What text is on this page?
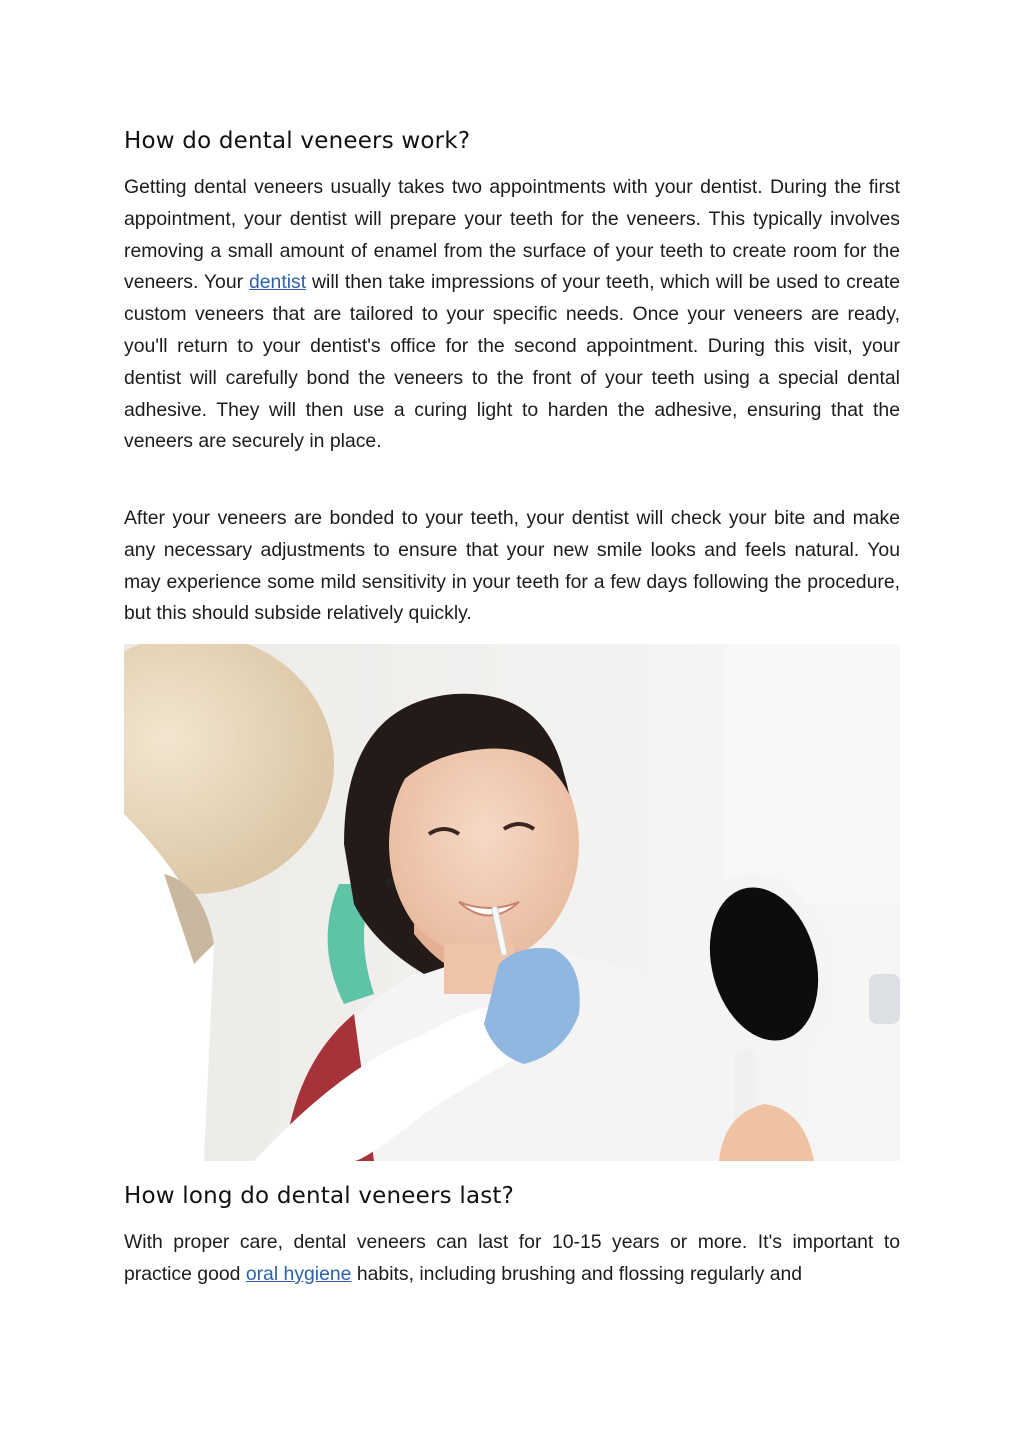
How do dental veneers work?

Getting dental veneers usually takes two appointments with your dentist. During the first appointment, your dentist will prepare your teeth for the veneers. This typically involves removing a small amount of enamel from the surface of your teeth to create room for the veneers. Your dentist will then take impressions of your teeth, which will be used to create custom veneers that are tailored to your specific needs. Once your veneers are ready, you'll return to your dentist's office for the second appointment. During this visit, your dentist will carefully bond the veneers to the front of your teeth using a special dental adhesive. They will then use a curing light to harden the adhesive, ensuring that the veneers are securely in place.

After your veneers are bonded to your teeth, your dentist will check your bite and make any necessary adjustments to ensure that your new smile looks and feels natural. You may experience some mild sensitivity in your teeth for a few days following the procedure, but this should subside relatively quickly.

How long do dental veneers last?

With proper care, dental veneers can last for 10-15 years or more. It's important to practice good oral hygiene habits, including brushing and flossing regularly and
